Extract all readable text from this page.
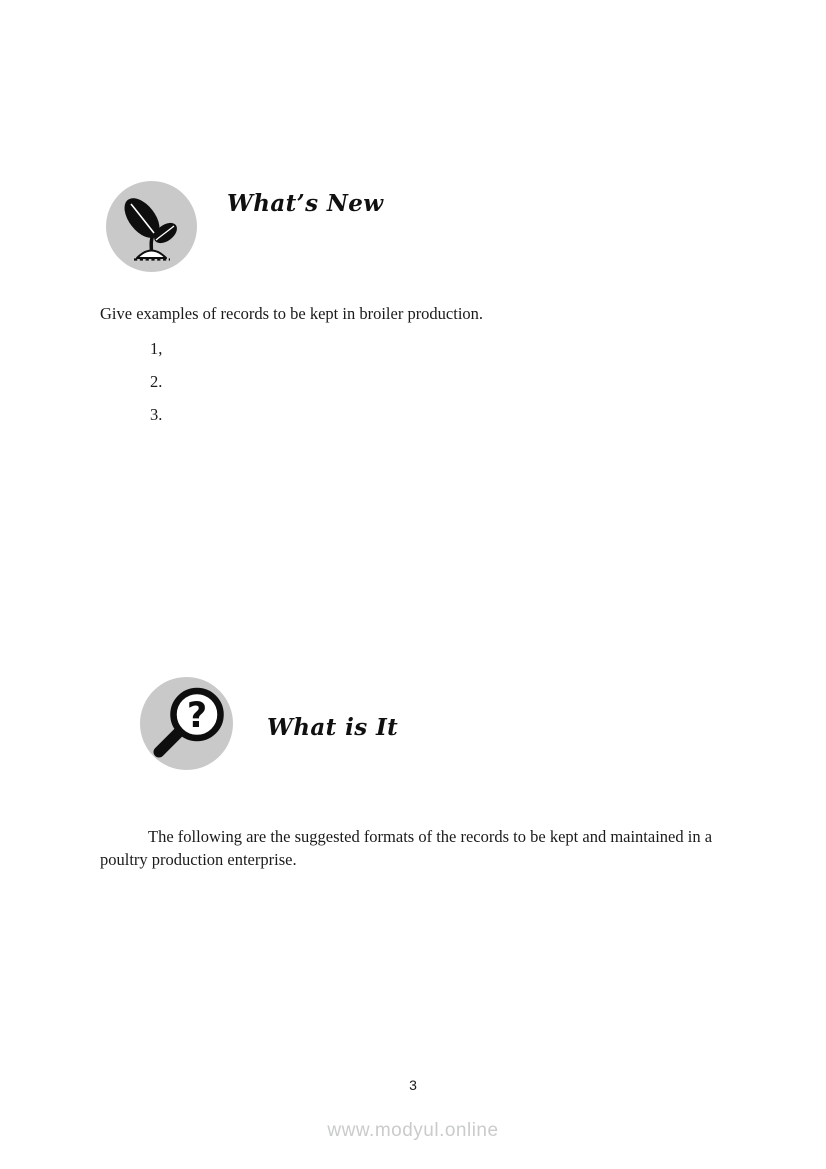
What’s New
Give examples of records to be kept in broiler production.
1,
2.
3.
?	What is It
The following are the suggested formats of the records to be kept and maintained in a poultry production enterprise.
3
www.modyul.online
